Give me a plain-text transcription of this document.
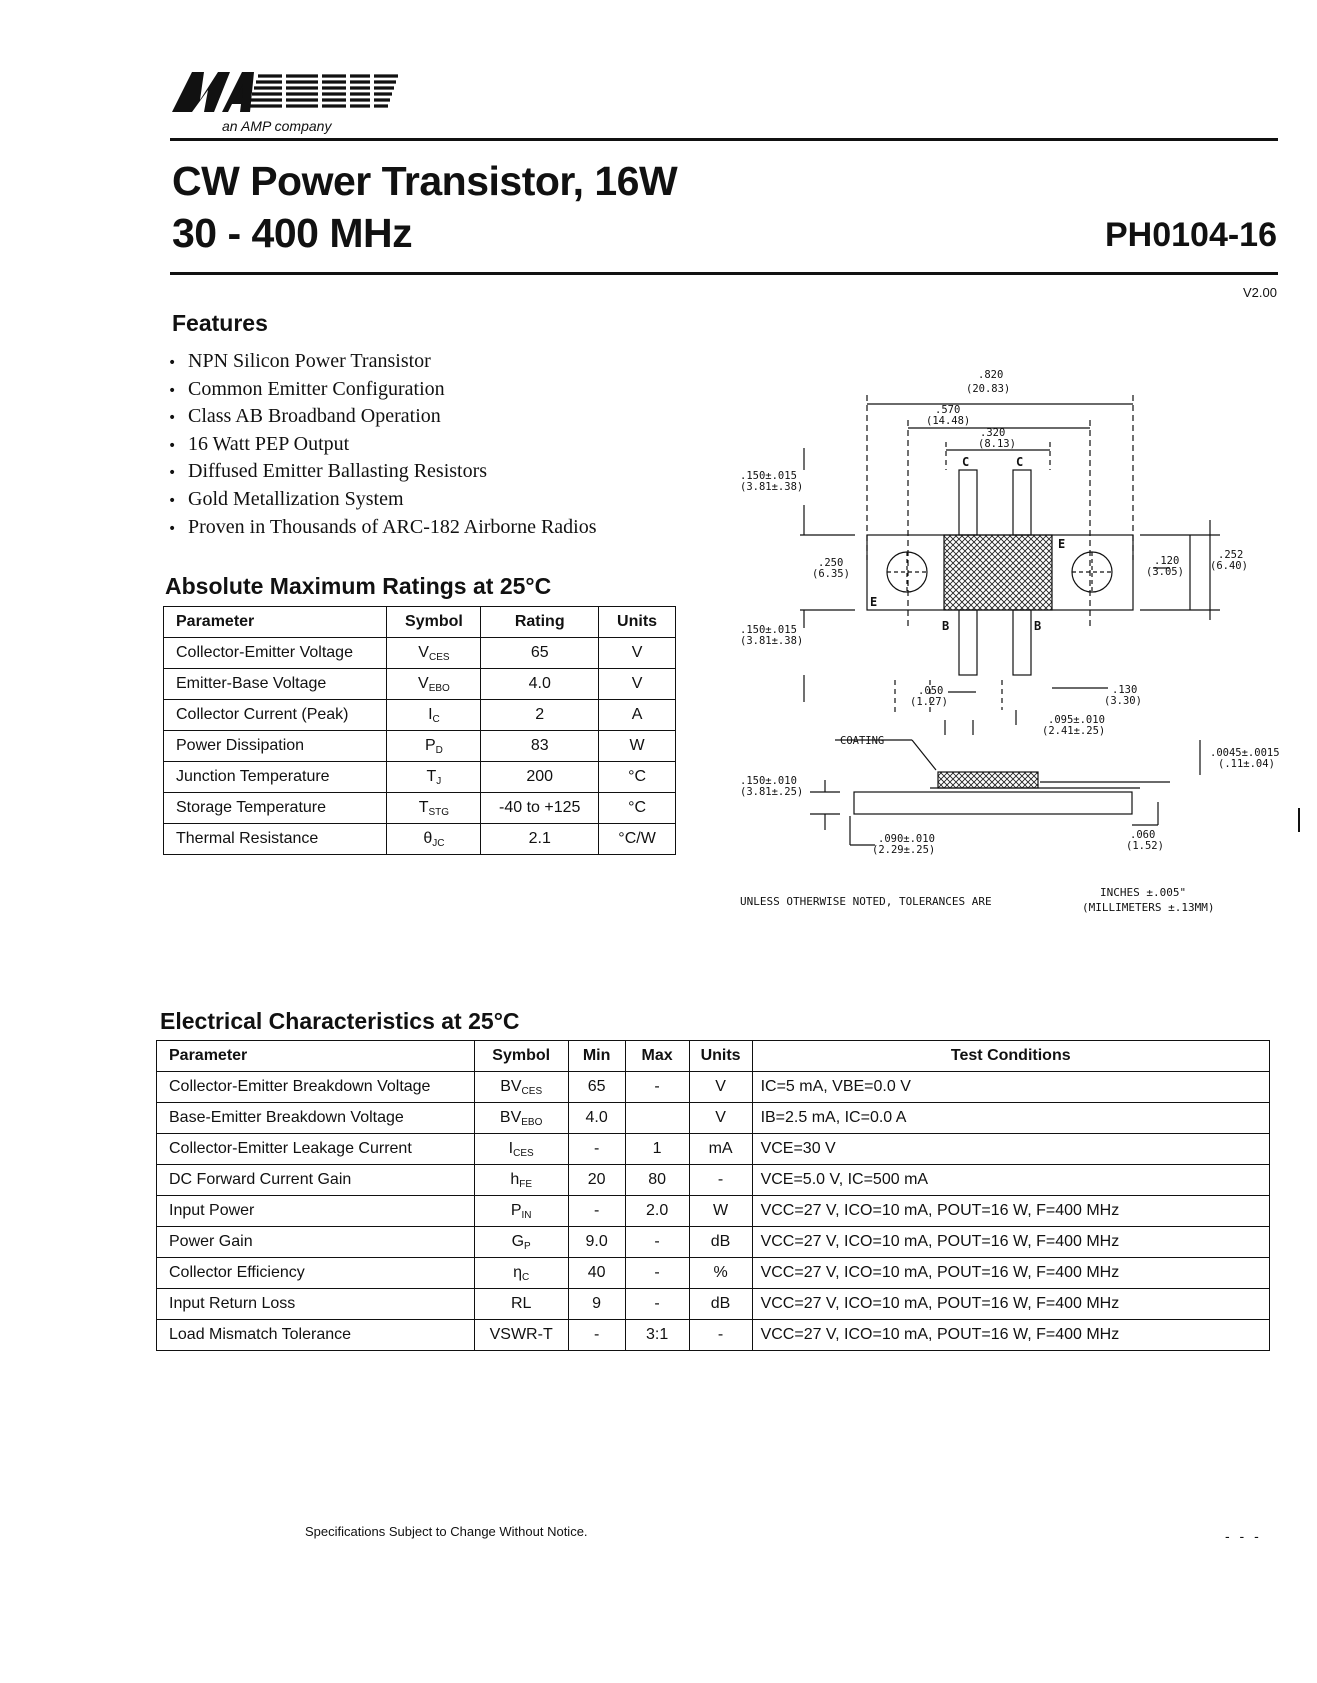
an AMP company
CW Power Transistor, 16W
30 - 400 MHz	PH0104-16
V2.00
Features
• NPN Silicon Power Transistor
• Common Emitter Configuration
• Class AB Broadband Operation
• 16 Watt PEP Output
• Diffused Emitter Ballasting Resistors
• Gold Metallization System
• Proven in Thousands of ARC-182 Airborne Radios
Absolute Maximum Ratings at 25°C
Parameter	Symbol	Rating	Units
Collector-Emitter Voltage	$V_{CES}$	65	V
Emitter-Base Voltage	$V_{EBO}$	4.0	V
Collector Current (Peak)	$I_C$	2	A
Power Dissipation	$P_D$	83	W
Junction Temperature	$T_J$	200	°C
Storage Temperature	$T_{STG}$	-40 to +125	°C
Thermal Resistance	$\theta_{JC}$	2.1	°C/W
.820
(20.83)
.570
(14.48)
.320
(8.13)
.150±.015
(3.81±.38)
.250
(6.35)
.120
(3.05)
.252
(6.40)
.150±.015
(3.81±.38)
.050
(1.27)
.130
(3.30)
.095±.010
(2.41±.25)
COATING
.0045±.0015
(.11±.04)
.150±.010
(3.81±.25)
.090±.010
(2.29±.25)
.060
(1.52)
C	C
B	B
E
E
UNLESS OTHERWISE NOTED, TOLERANCES ARE
INCHES ±.005"
(MILLIMETERS ±.13MM)
Electrical Characteristics at 25°C
Parameter	Symbol	Min	Max	Units	Test Conditions
Collector-Emitter Breakdown Voltage	$BV_{CES}$	65	-	V	IC=5 mA, VBE=0.0 V
Base-Emitter Breakdown Voltage	$BV_{EBO}$	4.0		V	IB=2.5 mA, IC=0.0 A
Collector-Emitter Leakage Current	$I_{CES}$	-	1	mA	VCE=30 V
DC Forward Current Gain	$h_{FE}$	20	80	-	VCE=5.0 V, IC=500 mA
Input Power	$P_{IN}$	-	2.0	W	VCC=27 V, ICO=10 mA, POUT=16 W, F=400 MHz
Power Gain	$G_P$	9.0	-	dB	VCC=27 V, ICO=10 mA, POUT=16 W, F=400 MHz
Collector Efficiency	$\eta_C$	40	-	%	VCC=27 V, ICO=10 mA, POUT=16 W, F=400 MHz
Input Return Loss	RL	9	-	dB	VCC=27 V, ICO=10 mA, POUT=16 W, F=400 MHz
Load Mismatch Tolerance	VSWR-T	-	3:1	-	VCC=27 V, ICO=10 mA, POUT=16 W, F=400 MHz
Specifications Subject to Change Without Notice.	- - -
